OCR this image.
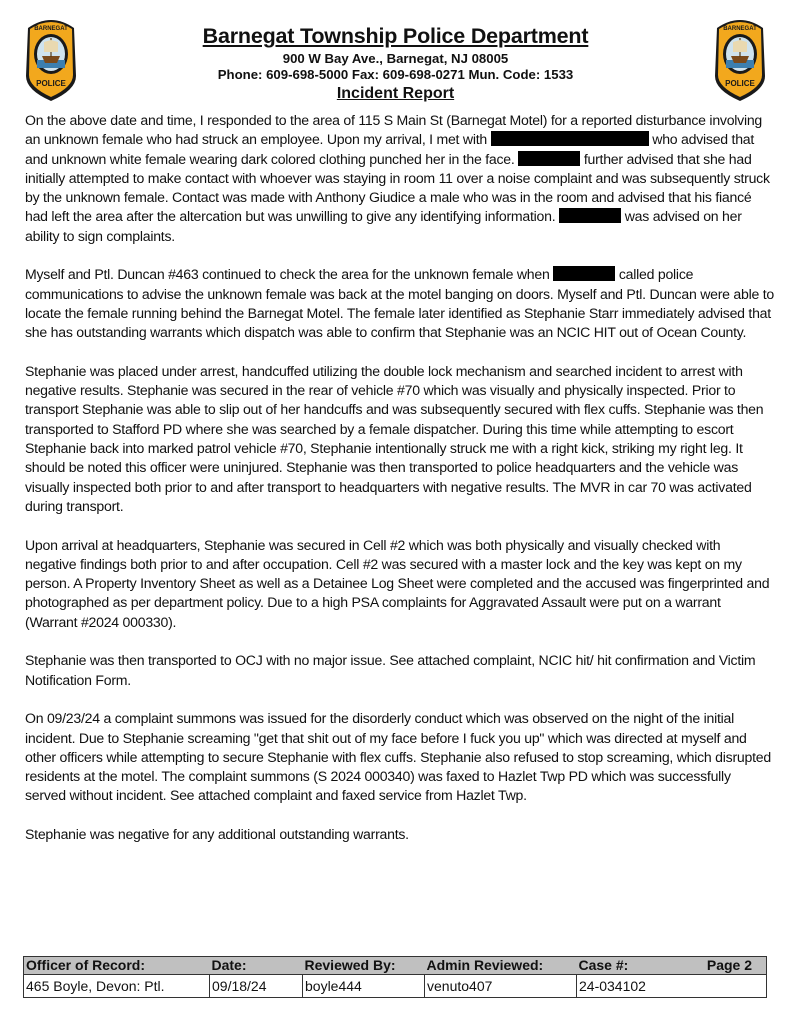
BARNEGAT
POLICE
BARNEGAT
POLICE
Barnegat Township Police Department
900 W Bay Ave., Barnegat, NJ 08005
Phone: 609-698-5000 Fax: 609-698-0271 Mun. Code: 1533
Incident Report

On the above date and time, I responded to the area of 115 S Main St (Barnegat Motel) for a reported disturbance involving an unknown female who had struck an employee. Upon my arrival, I met with	who advised that and unknown white female wearing dark colored clothing punched her in the face.	further advised that she had initially attempted to make contact with whoever was staying in room 11 over a noise complaint and was subsequently struck by the unknown female. Contact was made with Anthony Giudice a male who was in the room and advised that his fiancé had left the area after the altercation but was unwilling to give any identifying information.	was advised on her ability to sign complaints.

Myself and Ptl. Duncan #463 continued to check the area for the unknown female when	called police communications to advise the unknown female was back at the motel banging on doors. Myself and Ptl. Duncan were able to locate the female running behind the Barnegat Motel. The female later identified as Stephanie Starr immediately advised that she has outstanding warrants which dispatch was able to confirm that Stephanie was an NCIC HIT out of Ocean County.

Stephanie was placed under arrest, handcuffed utilizing the double lock mechanism and searched incident to arrest with negative results. Stephanie was secured in the rear of vehicle #70 which was visually and physically inspected. Prior to transport Stephanie was able to slip out of her handcuffs and was subsequently secured with flex cuffs. Stephanie was then transported to Stafford PD where she was searched by a female dispatcher. During this time while attempting to escort Stephanie back into marked patrol vehicle #70, Stephanie intentionally struck me with a right kick, striking my right leg. It should be noted this officer were uninjured. Stephanie was then transported to police headquarters and the vehicle was visually inspected both prior to and after transport to headquarters with negative results. The MVR in car 70 was activated during transport.

Upon arrival at headquarters, Stephanie was secured in Cell #2 which was both physically and visually checked with negative findings both prior to and after occupation. Cell #2 was secured with a master lock and the key was kept on my person. A Property Inventory Sheet as well as a Detainee Log Sheet were completed and the accused was fingerprinted and photographed as per department policy. Due to a high PSA complaints for Aggravated Assault were put on a warrant (Warrant #2024 000330).

Stephanie was then transported to OCJ with no major issue. See attached complaint, NCIC hit/ hit confirmation and Victim Notification Form.

On 09/23/24 a complaint summons was issued for the disorderly conduct which was observed on the night of the initial incident. Due to Stephanie screaming "get that shit out of my face before I fuck you up" which was directed at myself and other officers while attempting to secure Stephanie with flex cuffs. Stephanie also refused to stop screaming, which disrupted residents at the motel. The complaint summons (S 2024 000340) was faxed to Hazlet Twp PD which was successfully served without incident. See attached complaint and faxed service from Hazlet Twp.

Stephanie was negative for any additional outstanding warrants.

Officer of Record:	Date:	Reviewed By:	Admin Reviewed:	Case #:	Page 2
465 Boyle, Devon: Ptl.	09/18/24	boyle444	venuto407	24-034102	
